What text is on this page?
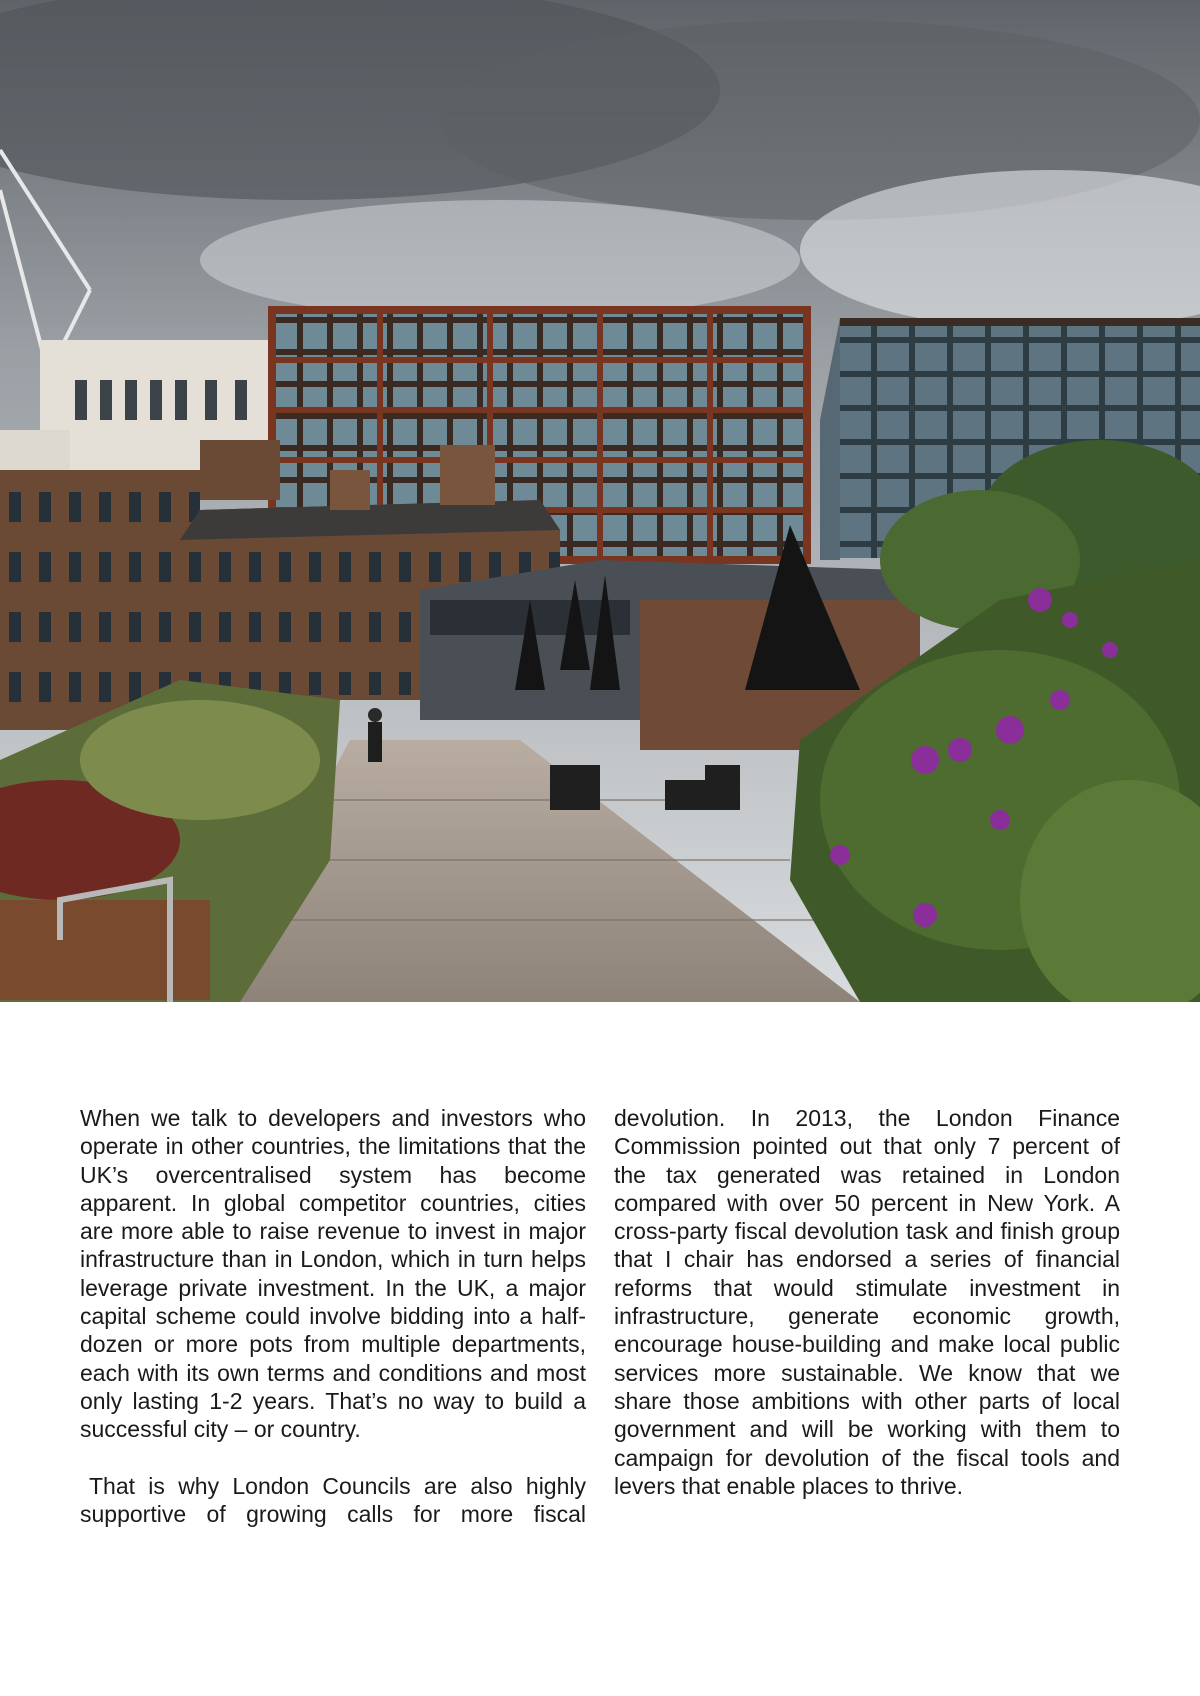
When we talk to developers and investors who operate in other countries, the limitations that the UK’s overcentralised system has become apparent. In global competitor countries, cities are more able to raise revenue to invest in major infrastructure than in London, which in turn helps leverage private investment. In the UK, a major capital scheme could involve bidding into a half-dozen or more pots from multiple departments, each with its own terms and conditions and most only lasting 1-2 years. That’s no way to build a successful city – or country.

That is why London Councils are also highly supportive of growing calls for more fiscal devolution. In 2013, the London Finance Commission pointed out that only 7 percent of the tax generated was retained in London compared with over 50 percent in New York. A cross-party fiscal devolution task and finish group that I chair has endorsed a series of financial reforms that would stimulate investment in infrastructure, generate economic growth, encourage house-building and make local public services more sustainable. We know that we share those ambitions with other parts of local government and will be working with them to campaign for devolution of the fiscal tools and levers that enable places to thrive.
